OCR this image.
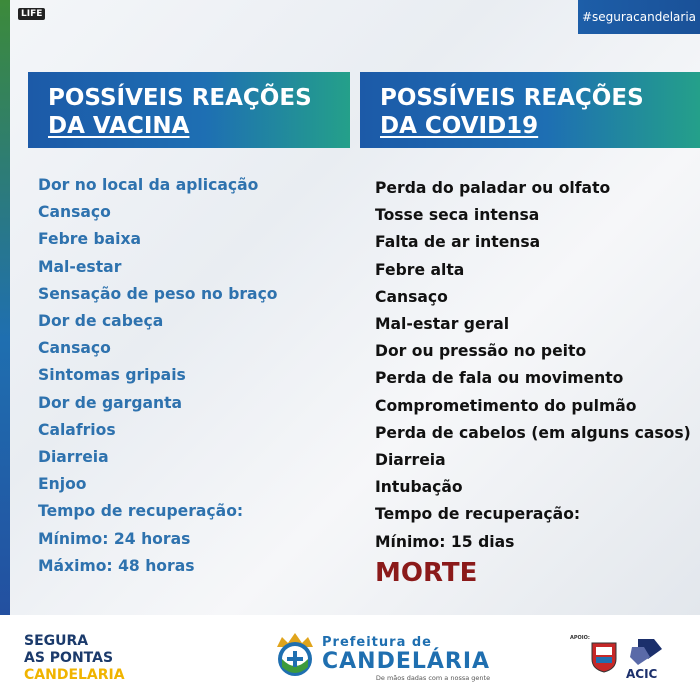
LIFE	#seguracandelaria
POSSÍVEIS REAÇÕES
DA VACINA
POSSÍVEIS REAÇÕES
DA COVID19
Dor no local da aplicação
Cansaço
Febre baixa
Mal-estar
Sensação de peso no braço
Dor de cabeça
Cansaço
Sintomas gripais
Dor de garganta
Calafrios
Diarreia
Enjoo
Tempo de recuperação:
Mínimo: 24 horas
Máximo: 48 horas
Perda do paladar ou olfato
Tosse seca intensa
Falta de ar intensa
Febre alta
Cansaço
Mal-estar geral
Dor ou pressão no peito
Perda de fala ou movimento
Comprometimento do pulmão
Perda de cabelos (em alguns casos)
Diarreia
Intubação
Tempo de recuperação:
Mínimo: 15 dias
MORTE
SEGURA
AS PONTAS
CANDELARIA
Prefeitura de
CANDELÁRIA
De mãos dadas com a nossa gente
APOIO:
ACIC
